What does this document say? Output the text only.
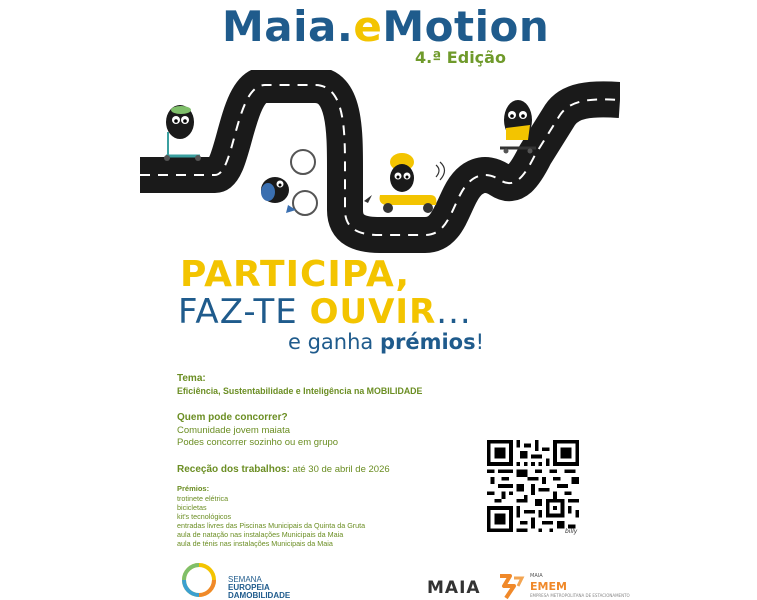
Maia.eMotion
4.ª Edição
PARTICIPA,
FAZ-TE OUVIR...
e ganha prémios!
Tema:
Eficiência, Sustentabilidade e Inteligência na MOBILIDADE
Quem pode concorrer?
Comunidade jovem maiata
Podes concorrer sozinho ou em grupo
Receção dos trabalhos: até 30 de abril de 2026
Prémios:
trotinete elétrica
bicicletas
kit's tecnológicos
entradas livres das Piscinas Municipais da Quinta da Gruta
aula de natação nas instalações Municipais da Maia
aula de ténis nas instalações Municipais da Maia
billy
SEMANA
EUROPEIA
DAMOBILIDADE	MAIA
MAIA
EMEM
EMPRESA METROPOLITANA DE ESTACIONAMENTO
